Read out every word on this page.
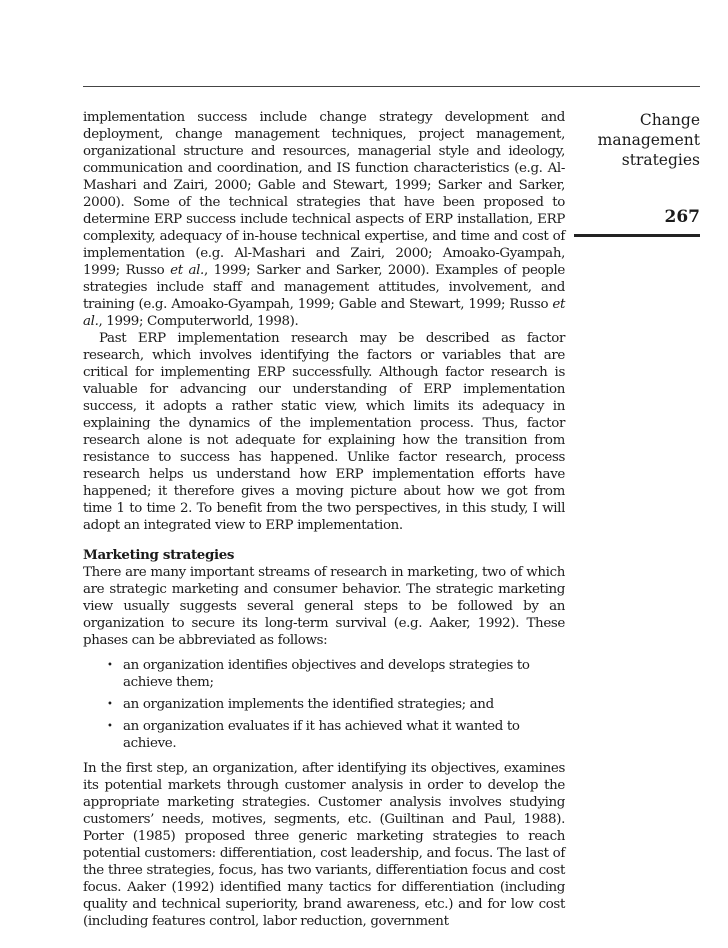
Change management strategies
267

implementation success include change strategy development and deployment, change management techniques, project management, organizational structure and resources, managerial style and ideology, communication and coordination, and IS function characteristics (e.g. Al-Mashari and Zairi, 2000; Gable and Stewart, 1999; Sarker and Sarker, 2000). Some of the technical strategies that have been proposed to determine ERP success include technical aspects of ERP installation, ERP complexity, adequacy of in-house technical expertise, and time and cost of implementation (e.g. Al-Mashari and Zairi, 2000; Amoako-Gyampah, 1999; Russo et al., 1999; Sarker and Sarker, 2000). Examples of people strategies include staff and management attitudes, involvement, and training (e.g. Amoako-Gyampah, 1999; Gable and Stewart, 1999; Russo et al., 1999; Computerworld, 1998).

Past ERP implementation research may be described as factor research, which involves identifying the factors or variables that are critical for implementing ERP successfully. Although factor research is valuable for advancing our understanding of ERP implementation success, it adopts a rather static view, which limits its adequacy in explaining the dynamics of the implementation process. Thus, factor research alone is not adequate for explaining how the transition from resistance to success has happened. Unlike factor research, process research helps us understand how ERP implementation efforts have happened; it therefore gives a moving picture about how we got from time 1 to time 2. To benefit from the two perspectives, in this study, I will adopt an integrated view to ERP implementation.

Marketing strategies

There are many important streams of research in marketing, two of which are strategic marketing and consumer behavior. The strategic marketing view usually suggests several general steps to be followed by an organization to secure its long-term survival (e.g. Aaker, 1992). These phases can be abbreviated as follows:

• an organization identifies objectives and develops strategies to achieve them;
• an organization implements the identified strategies; and
• an organization evaluates if it has achieved what it wanted to achieve.

In the first step, an organization, after identifying its objectives, examines its potential markets through customer analysis in order to develop the appropriate marketing strategies. Customer analysis involves studying customers’ needs, motives, segments, etc. (Guiltinan and Paul, 1988). Porter (1985) proposed three generic marketing strategies to reach potential customers: differentiation, cost leadership, and focus. The last of the three strategies, focus, has two variants, differentiation focus and cost focus. Aaker (1992) identified many tactics for differentiation (including quality and technical superiority, brand awareness, etc.) and for low cost (including features control, labor reduction, government
